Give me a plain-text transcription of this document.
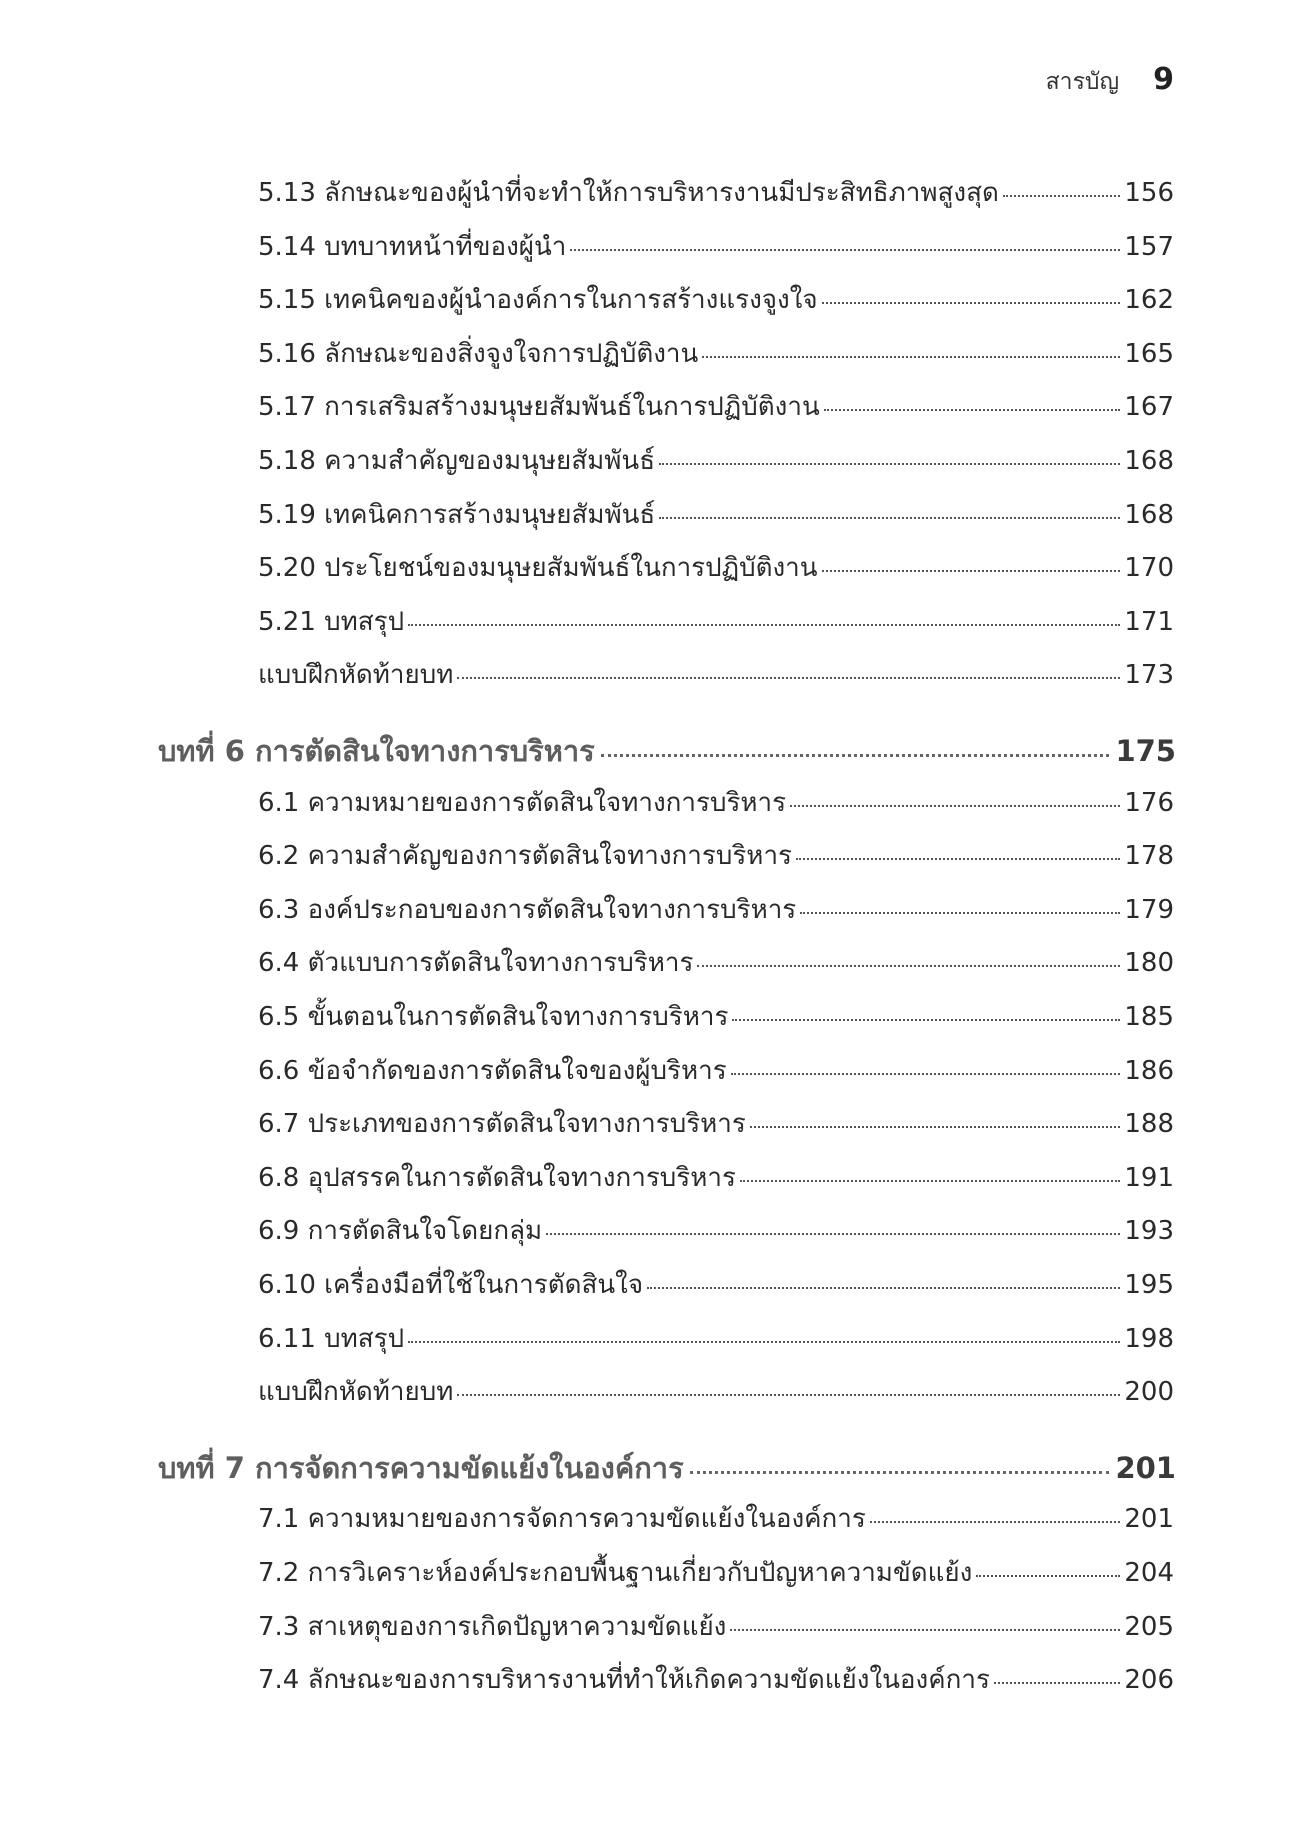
สารบัญ 9
5.13 ลักษณะของผู้นำที่จะทำให้การบริหารงานมีประสิทธิภาพสูงสุด	156
5.14 บทบาทหน้าที่ของผู้นำ	157
5.15 เทคนิคของผู้นำองค์การในการสร้างแรงจูงใจ	162
5.16 ลักษณะของสิ่งจูงใจการปฏิบัติงาน	165
5.17 การเสริมสร้างมนุษยสัมพันธ์ในการปฏิบัติงาน	167
5.18 ความสำคัญของมนุษยสัมพันธ์	168
5.19 เทคนิคการสร้างมนุษยสัมพันธ์	168
5.20 ประโยชน์ของมนุษยสัมพันธ์ในการปฏิบัติงาน	170
5.21 บทสรุป	171
แบบฝึกหัดท้ายบท	173
บทที่ 6 การตัดสินใจทางการบริหาร	175
6.1 ความหมายของการตัดสินใจทางการบริหาร	176
6.2 ความสำคัญของการตัดสินใจทางการบริหาร	178
6.3 องค์ประกอบของการตัดสินใจทางการบริหาร	179
6.4 ตัวแบบการตัดสินใจทางการบริหาร	180
6.5 ขั้นตอนในการตัดสินใจทางการบริหาร	185
6.6 ข้อจำกัดของการตัดสินใจของผู้บริหาร	186
6.7 ประเภทของการตัดสินใจทางการบริหาร	188
6.8 อุปสรรคในการตัดสินใจทางการบริหาร	191
6.9 การตัดสินใจโดยกลุ่ม	193
6.10 เครื่องมือที่ใช้ในการตัดสินใจ	195
6.11 บทสรุป	198
แบบฝึกหัดท้ายบท	200
บทที่ 7 การจัดการความขัดแย้งในองค์การ	201
7.1 ความหมายของการจัดการความขัดแย้งในองค์การ	201
7.2 การวิเคราะห์องค์ประกอบพื้นฐานเกี่ยวกับปัญหาความขัดแย้ง	204
7.3 สาเหตุของการเกิดปัญหาความขัดแย้ง	205
7.4 ลักษณะของการบริหารงานที่ทำให้เกิดความขัดแย้งในองค์การ	206
